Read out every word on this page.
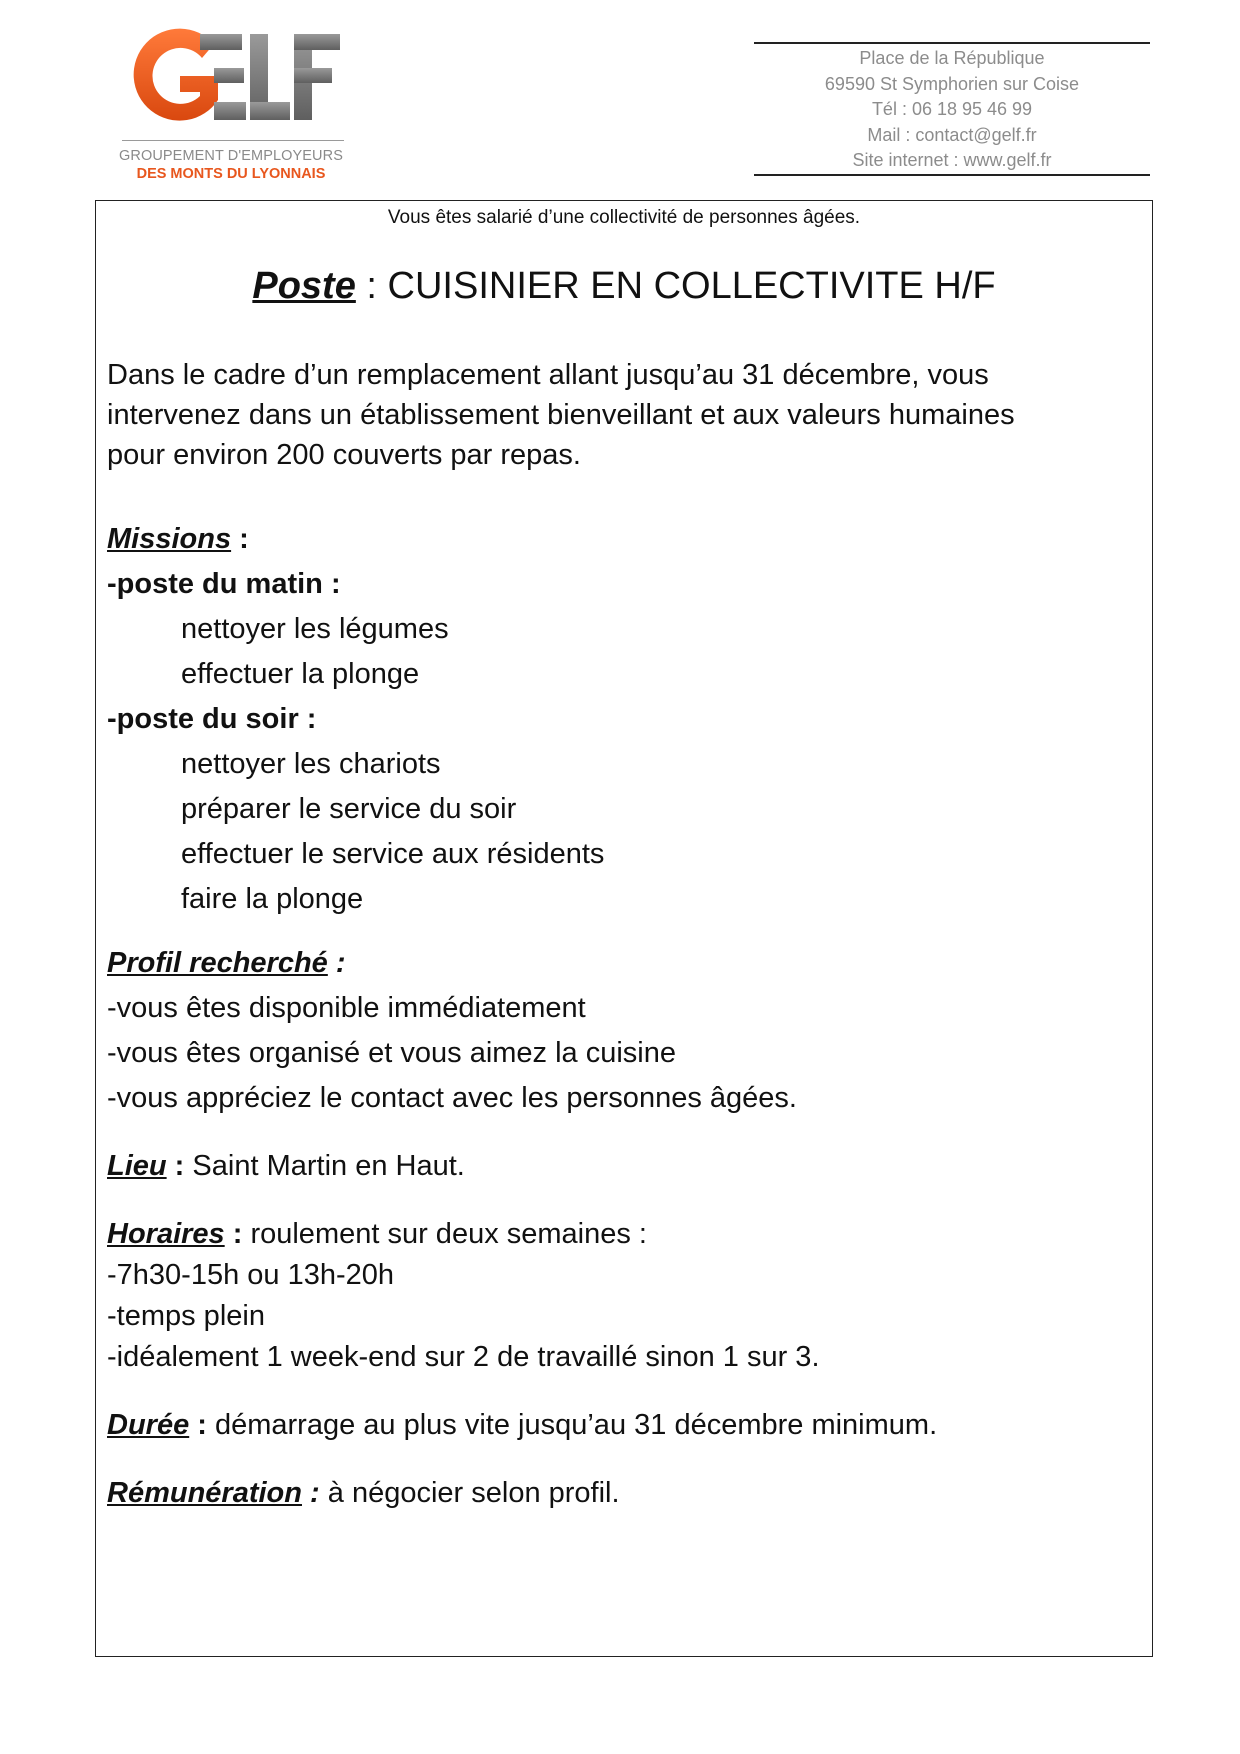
GROUPEMENT D'EMPLOYEURS
DES MONTS DU LYONNAIS
Place de la République
69590 St Symphorien sur Coise
Tél : 06 18 95 46 99
Mail : contact@gelf.fr
Site internet : www.gelf.fr
Vous êtes salarié d’une collectivité de personnes âgées.
Poste : CUISINIER EN COLLECTIVITE H/F
Dans le cadre d’un remplacement allant jusqu’au 31 décembre, vous
intervenez dans un établissement bienveillant et aux valeurs humaines
pour environ 200 couverts par repas.
Missions :
-poste du matin :
nettoyer les légumes
effectuer la plonge
-poste du soir :
nettoyer les chariots
préparer le service du soir
effectuer le service aux résidents
faire la plonge
Profil recherché :
-vous êtes disponible immédiatement
-vous êtes organisé et vous aimez la cuisine
-vous appréciez le contact avec les personnes âgées.
Lieu : Saint Martin en Haut.
Horaires : roulement sur deux semaines :
-7h30-15h ou 13h-20h
-temps plein
-idéalement 1 week-end sur 2 de travaillé sinon 1 sur 3.
Durée : démarrage au plus vite jusqu’au 31 décembre minimum.
Rémunération : à négocier selon profil.
